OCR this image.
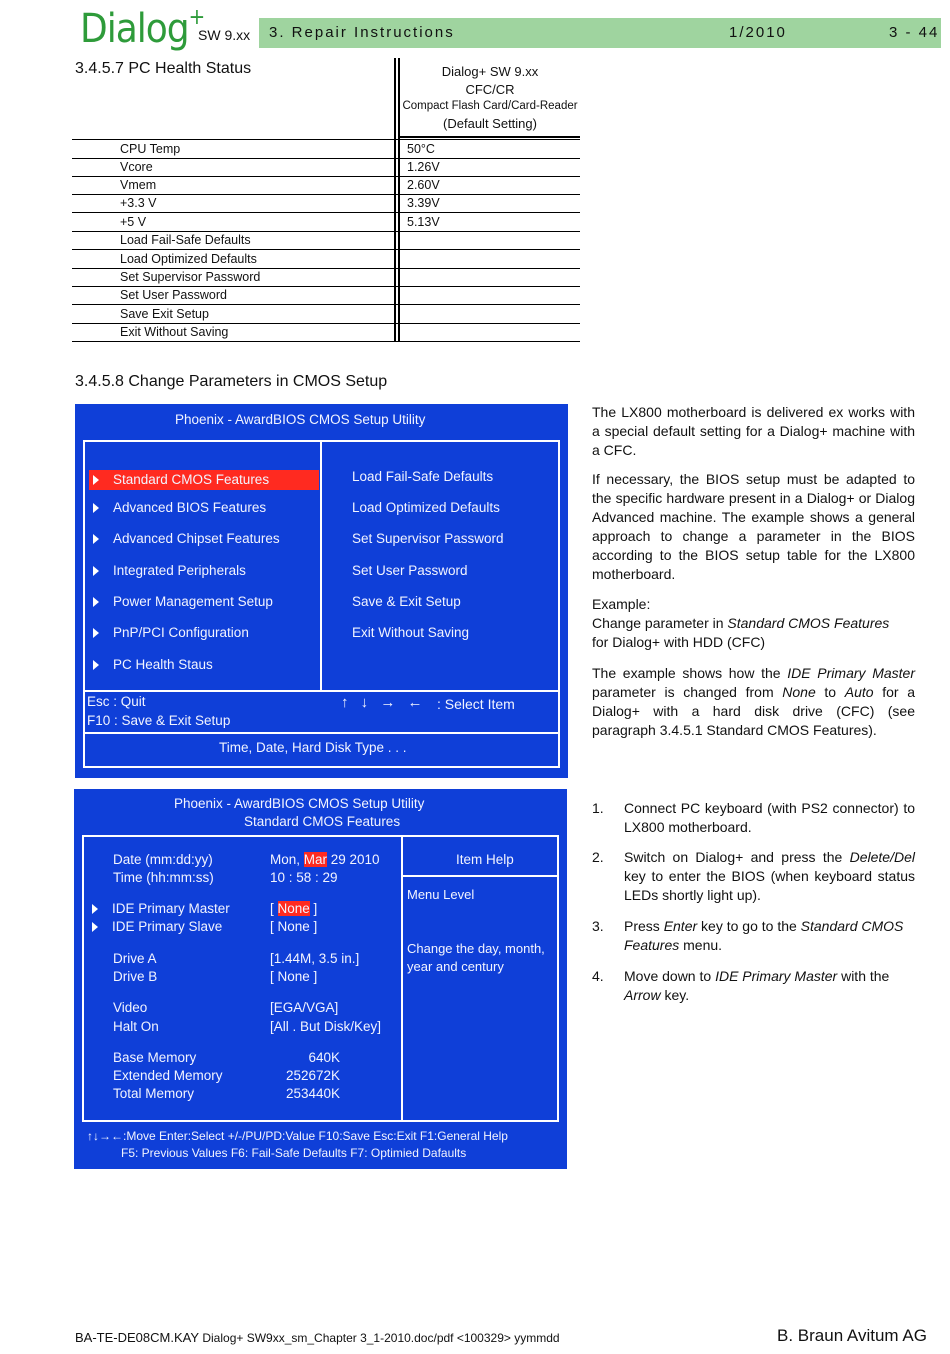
Dialog+
SW 9.xx 3. Repair Instructions	1/2010	3 - 44
3.4.5.7 PC Health Status	Dialog+ SW 9.xx
CFC/CR
Compact Flash Card/Card-Reader
(Default Setting)
CPU Temp	50°C
Vcore	1.26V
Vmem	2.60V
+3.3 V	3.39V
+5 V	5.13V
Load Fail-Safe Defaults
Load Optimized Defaults
Set Supervisor Password
Set User Password
Save Exit Setup
Exit Without Saving
3.4.5.8 Change Parameters in CMOS Setup
Phoenix - AwardBIOS CMOS Setup Utility
Standard CMOS Features
Advanced BIOS Features
Advanced Chipset Features
Integrated Peripherals
Power Management Setup
PnP/PCI Configuration
PC Health Staus
Load Fail-Safe Defaults
Load Optimized Defaults
Set Supervisor Password
Set User Password
Save & Exit Setup
Exit Without Saving
Esc : Quit
F10 : Save & Exit Setup
↑ ↓ → ← : Select Item
Time, Date, Hard Disk Type . . .
Phoenix - AwardBIOS CMOS Setup Utility
Standard CMOS Features
Date (mm:dd:yy)	Mon, Mar 29 2010
Time (hh:mm:ss)	10 : 58 : 29
IDE Primary Master	[ None ]
IDE Primary Slave	[ None ]
Drive A	[1.44M, 3.5 in.]
Drive B	[ None ]
Video	[EGA/VGA]
Halt On	[All . But Disk/Key]
Base Memory	640K
Extended Memory	252672K
Total Memory	253440K
Item Help
Menu Level
Change the day, month,
year and century
↑↓→←:Move Enter:Select +/-/PU/PD:Value F10:Save Esc:Exit F1:General Help
F5: Previous Values F6: Fail-Safe Defaults F7: Optimied Dafaults
The LX800 motherboard is delivered ex works with a special default setting for a Dialog+ machine with a CFC.
If necessary, the BIOS setup must be adapted to the specific hardware present in a Dialog+ or Dialog Advanced machine. The example shows a general approach to change a parameter in the BIOS according to the BIOS setup table for the LX800 motherboard.
Example:
Change parameter in Standard CMOS Features
for Dialog+ with HDD (CFC)
The example shows how the IDE Primary Master parameter is changed from None to Auto for a Dialog+ with a hard disk drive (CFC) (see paragraph 3.4.5.1 Standard CMOS Features).
1.	Connect PC keyboard (with PS2 connector) to LX800 motherboard.
2.	Switch on Dialog+ and press the Delete/Del key to enter the BIOS (when keyboard status LEDs shortly light up).
3.	Press Enter key to go to the Standard CMOS Features menu.
4.	Move down to IDE Primary Master with the
Arrow key.
BA-TE-DE08CM.KAY Dialog+ SW9xx_sm_Chapter 3_1-2010.doc/pdf <100329> yymmdd	B. Braun Avitum AG
